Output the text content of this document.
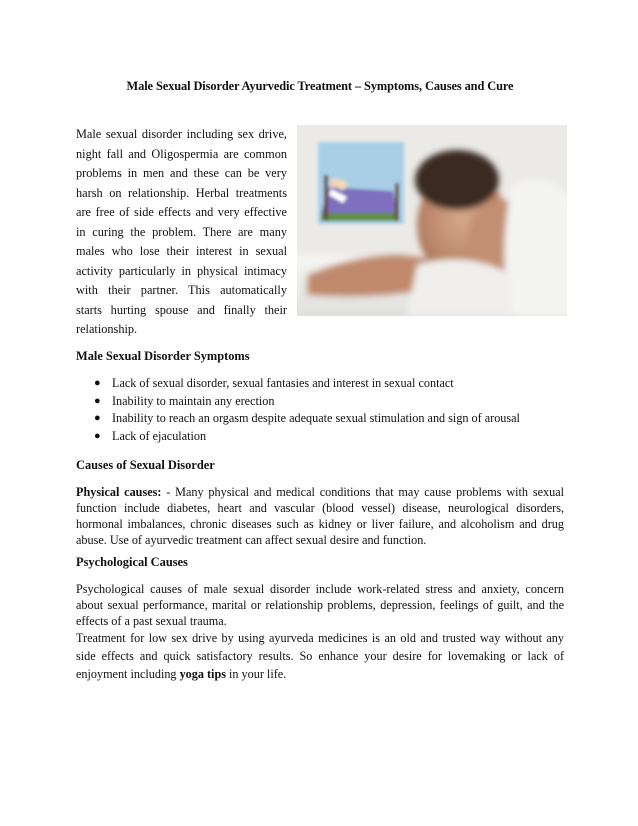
Male Sexual Disorder Ayurvedic Treatment – Symptoms, Causes and Cure

Male sexual disorder including sex drive, night fall and Oligospermia are common problems in men and these can be very harsh on relationship. Herbal treatments are free of side effects and very effective in curing the problem. There are many males who lose their interest in sexual activity particularly in physical intimacy with their partner. This automatically starts hurting spouse and finally their relationship.

Male Sexual Disorder Symptoms
● Lack of sexual disorder, sexual fantasies and interest in sexual contact
● Inability to maintain any erection
● Inability to reach an orgasm despite adequate sexual stimulation and sign of arousal
● Lack of ejaculation
Causes of Sexual Disorder

Physical causes: - Many physical and medical conditions that may cause problems with sexual function include diabetes, heart and vascular (blood vessel) disease, neurological disorders, hormonal imbalances, chronic diseases such as kidney or liver failure, and alcoholism and drug abuse. Use of ayurvedic treatment can affect sexual desire and function.

Psychological Causes

Psychological causes of male sexual disorder include work-related stress and anxiety, concern about sexual performance, marital or relationship problems, depression, feelings of guilt, and the effects of a past sexual trauma.

Treatment for low sex drive by using ayurveda medicines is an old and trusted way without any side effects and quick satisfactory results. So enhance your desire for lovemaking or lack of enjoyment including yoga tips in your life.
